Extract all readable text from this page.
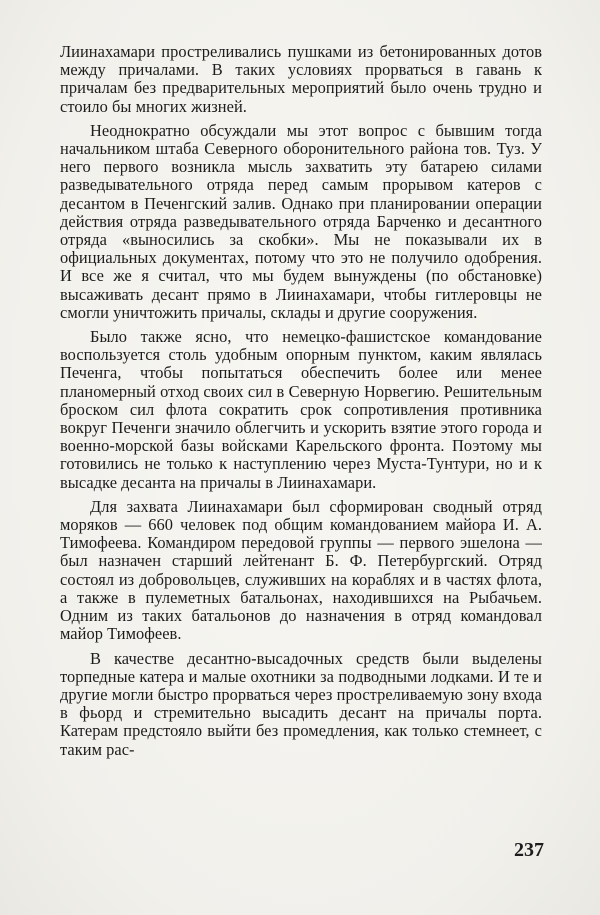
Лиинахамари простреливались пушками из бетонированных дотов между причалами. В таких условиях прорваться в гавань к причалам без предварительных мероприятий было очень трудно и стоило бы многих жизней.

Неоднократно обсуждали мы этот вопрос с бывшим тогда начальником штаба Северного оборонительного района тов. Туз. У него первого возникла мысль захватить эту батарею силами разведывательного отряда перед самым прорывом катеров с десантом в Печенгский залив. Однако при планировании операции действия отряда разведывательного отряда Барченко и десантного отряда «выносились за скобки». Мы не показывали их в официальных документах, потому что это не получило одобрения. И все же я считал, что мы будем вынуждены (по обстановке) высаживать десант прямо в Лиинахамари, чтобы гитлеровцы не смогли уничтожить причалы, склады и другие сооружения.

Было также ясно, что немецко-фашистское командование воспользуется столь удобным опорным пунктом, каким являлась Печенга, чтобы попытаться обеспечить более или менее планомерный отход своих сил в Северную Норвегию. Решительным броском сил флота сократить срок сопротивления противника вокруг Печенги значило облегчить и ускорить взятие этого города и военно-морской базы войсками Карельского фронта. Поэтому мы готовились не только к наступлению через Муста-Тунтури, но и к высадке десанта на причалы в Лиинахамари.

Для захвата Лиинахамари был сформирован сводный отряд моряков — 660 человек под общим командованием майора И. А. Тимофеева. Командиром передовой группы — первого эшелона — был назначен старший лейтенант Б. Ф. Петербургский. Отряд состоял из добровольцев, служивших на кораблях и в частях флота, а также в пулеметных батальонах, находившихся на Рыбачьем. Одним из таких батальонов до назначения в отряд командовал майор Тимофеев.

В качестве десантно-высадочных средств были выделены торпедные катера и малые охотники за подводными лодками. И те и другие могли быстро прорваться через простреливаемую зону входа в фьорд и стремительно высадить десант на причалы порта. Катерам предстояло выйти без промедления, как только стемнеет, с таким рас-

237
